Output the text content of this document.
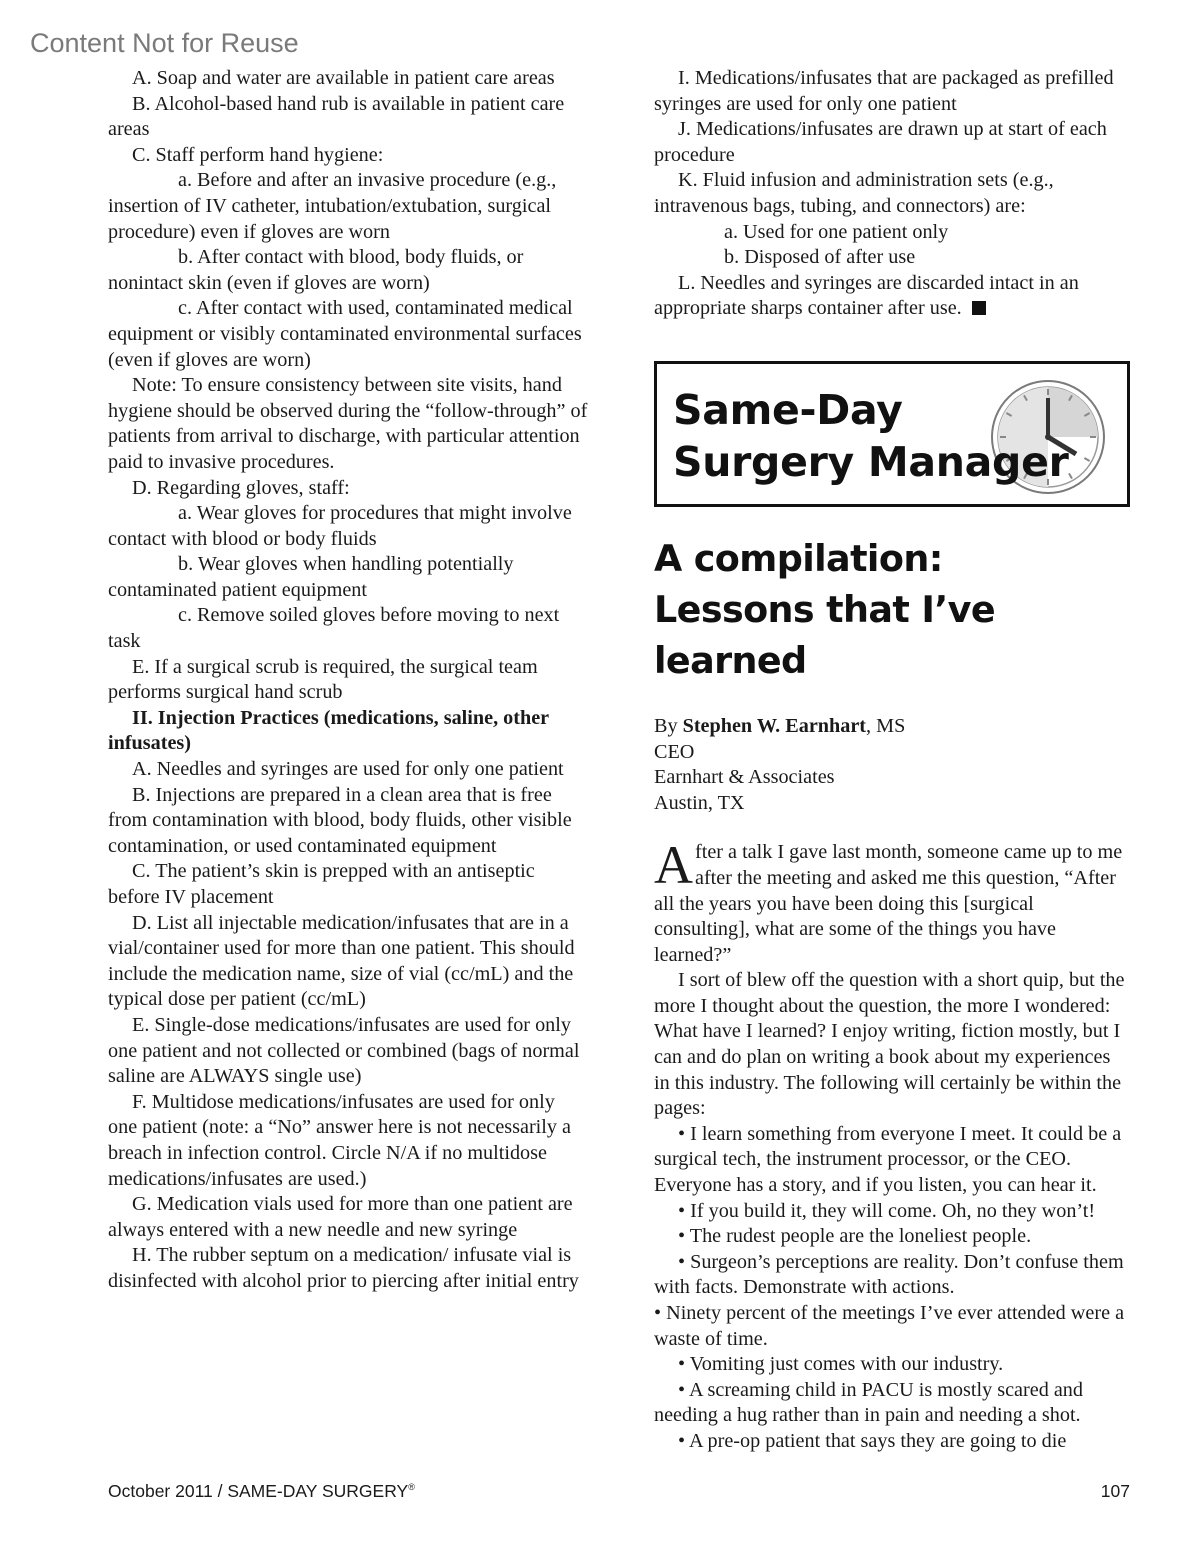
Content Not for Reuse

A. Soap and water are available in patient care areas

B. Alcohol-based hand rub is available in patient care areas

C. Staff perform hand hygiene:

a. Before and after an invasive procedure (e.g., insertion of IV catheter, intubation/extubation, surgical procedure) even if gloves are worn

b. After contact with blood, body fluids, or nonintact skin (even if gloves are worn)

c. After contact with used, contaminated medical equipment or visibly contaminated environmental surfaces (even if gloves are worn)

Note: To ensure consistency between site visits, hand hygiene should be observed during the “follow-through” of patients from arrival to discharge, with particular attention paid to invasive procedures.

D. Regarding gloves, staff:

a. Wear gloves for procedures that might involve contact with blood or body fluids

b. Wear gloves when handling potentially contaminated patient equipment

c. Remove soiled gloves before moving to next task

E. If a surgical scrub is required, the surgical team performs surgical hand scrub

II. Injection Practices (medications, saline, other infusates)

A. Needles and syringes are used for only one patient

B. Injections are prepared in a clean area that is free from contamination with blood, body fluids, other visible contamination, or used contaminated equipment

C. The patient’s skin is prepped with an antiseptic before IV placement

D. List all injectable medication/infusates that are in a vial/container used for more than one patient. This should include the medication name, size of vial (cc/mL) and the typical dose per patient (cc/mL)

E. Single-dose medications/infusates are used for only one patient and not collected or combined (bags of normal saline are ALWAYS single use)

F. Multidose medications/infusates are used for only one patient (note: a “No” answer here is not necessarily a breach in infection control. Circle N/A if no multidose medications/infusates are used.)

G. Medication vials used for more than one patient are always entered with a new needle and new syringe

H. The rubber septum on a medication/ infusate vial is disinfected with alcohol prior to piercing after initial entry

I. Medications/infusates that are packaged as prefilled syringes are used for only one patient

J. Medications/infusates are drawn up at start of each procedure

K. Fluid infusion and administration sets (e.g., intravenous bags, tubing, and connectors) are:

a. Used for one patient only

b. Disposed of after use

L. Needles and syringes are discarded intact in an appropriate sharps container after use.

Same-Day
Surgery Manager
A compilation:
Lessons that I’ve learned

By Stephen W. Earnhart, MS

CEO

Earnhart & Associates

Austin, TX

After a talk I gave last month, someone came up to me after the meeting and asked me this question, “After all the years you have been doing this [surgical consulting], what are some of the things you have learned?”

I sort of blew off the question with a short quip, but the more I thought about the question, the more I wondered: What have I learned? I enjoy writing, fiction mostly, but I can and do plan on writing a book about my experiences in this industry. The following will certainly be within the pages:

• I learn something from everyone I meet. It could be a surgical tech, the instrument processor, or the CEO. Everyone has a story, and if you listen, you can hear it.

• If you build it, they will come. Oh, no they won’t!

• The rudest people are the loneliest people.

• Surgeon’s perceptions are reality. Don’t confuse them with facts. Demonstrate with actions.

• Ninety percent of the meetings I’ve ever attended were a waste of time.

• Vomiting just comes with our industry.

• A screaming child in PACU is mostly scared and needing a hug rather than in pain and needing a shot.

• A pre-op patient that says they are going to die

October 2011 / SAME-DAY SURGERY®	107
